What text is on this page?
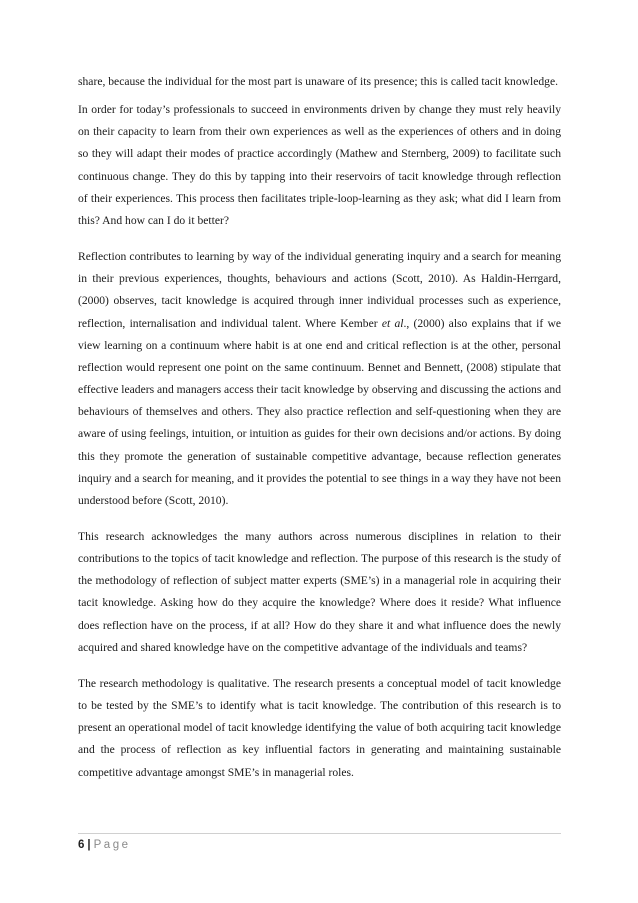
share, because the individual for the most part is unaware of its presence; this is called tacit knowledge.

In order for today’s professionals to succeed in environments driven by change they must rely heavily on their capacity to learn from their own experiences as well as the experiences of others and in doing so they will adapt their modes of practice accordingly (Mathew and Sternberg, 2009) to facilitate such continuous change. They do this by tapping into their reservoirs of tacit knowledge through reflection of their experiences. This process then facilitates triple-loop-learning as they ask; what did I learn from this? And how can I do it better?

Reflection contributes to learning by way of the individual generating inquiry and a search for meaning in their previous experiences, thoughts, behaviours and actions (Scott, 2010). As Haldin-Herrgard, (2000) observes, tacit knowledge is acquired through inner individual processes such as experience, reflection, internalisation and individual talent. Where Kember et al., (2000) also explains that if we view learning on a continuum where habit is at one end and critical reflection is at the other, personal reflection would represent one point on the same continuum. Bennet and Bennett, (2008) stipulate that effective leaders and managers access their tacit knowledge by observing and discussing the actions and behaviours of themselves and others. They also practice reflection and self-questioning when they are aware of using feelings, intuition, or intuition as guides for their own decisions and/or actions. By doing this they promote the generation of sustainable competitive advantage, because reflection generates inquiry and a search for meaning, and it provides the potential to see things in a way they have not been understood before (Scott, 2010).

This research acknowledges the many authors across numerous disciplines in relation to their contributions to the topics of tacit knowledge and reflection. The purpose of this research is the study of the methodology of reflection of subject matter experts (SME’s) in a managerial role in acquiring their tacit knowledge. Asking how do they acquire the knowledge? Where does it reside? What influence does reflection have on the process, if at all? How do they share it and what influence does the newly acquired and shared knowledge have on the competitive advantage of the individuals and teams?

The research methodology is qualitative. The research presents a conceptual model of tacit knowledge to be tested by the SME’s to identify what is tacit knowledge. The contribution of this research is to present an operational model of tacit knowledge identifying the value of both acquiring tacit knowledge and the process of reflection as key influential factors in generating and maintaining sustainable competitive advantage amongst SME’s in managerial roles.

6 | Page
